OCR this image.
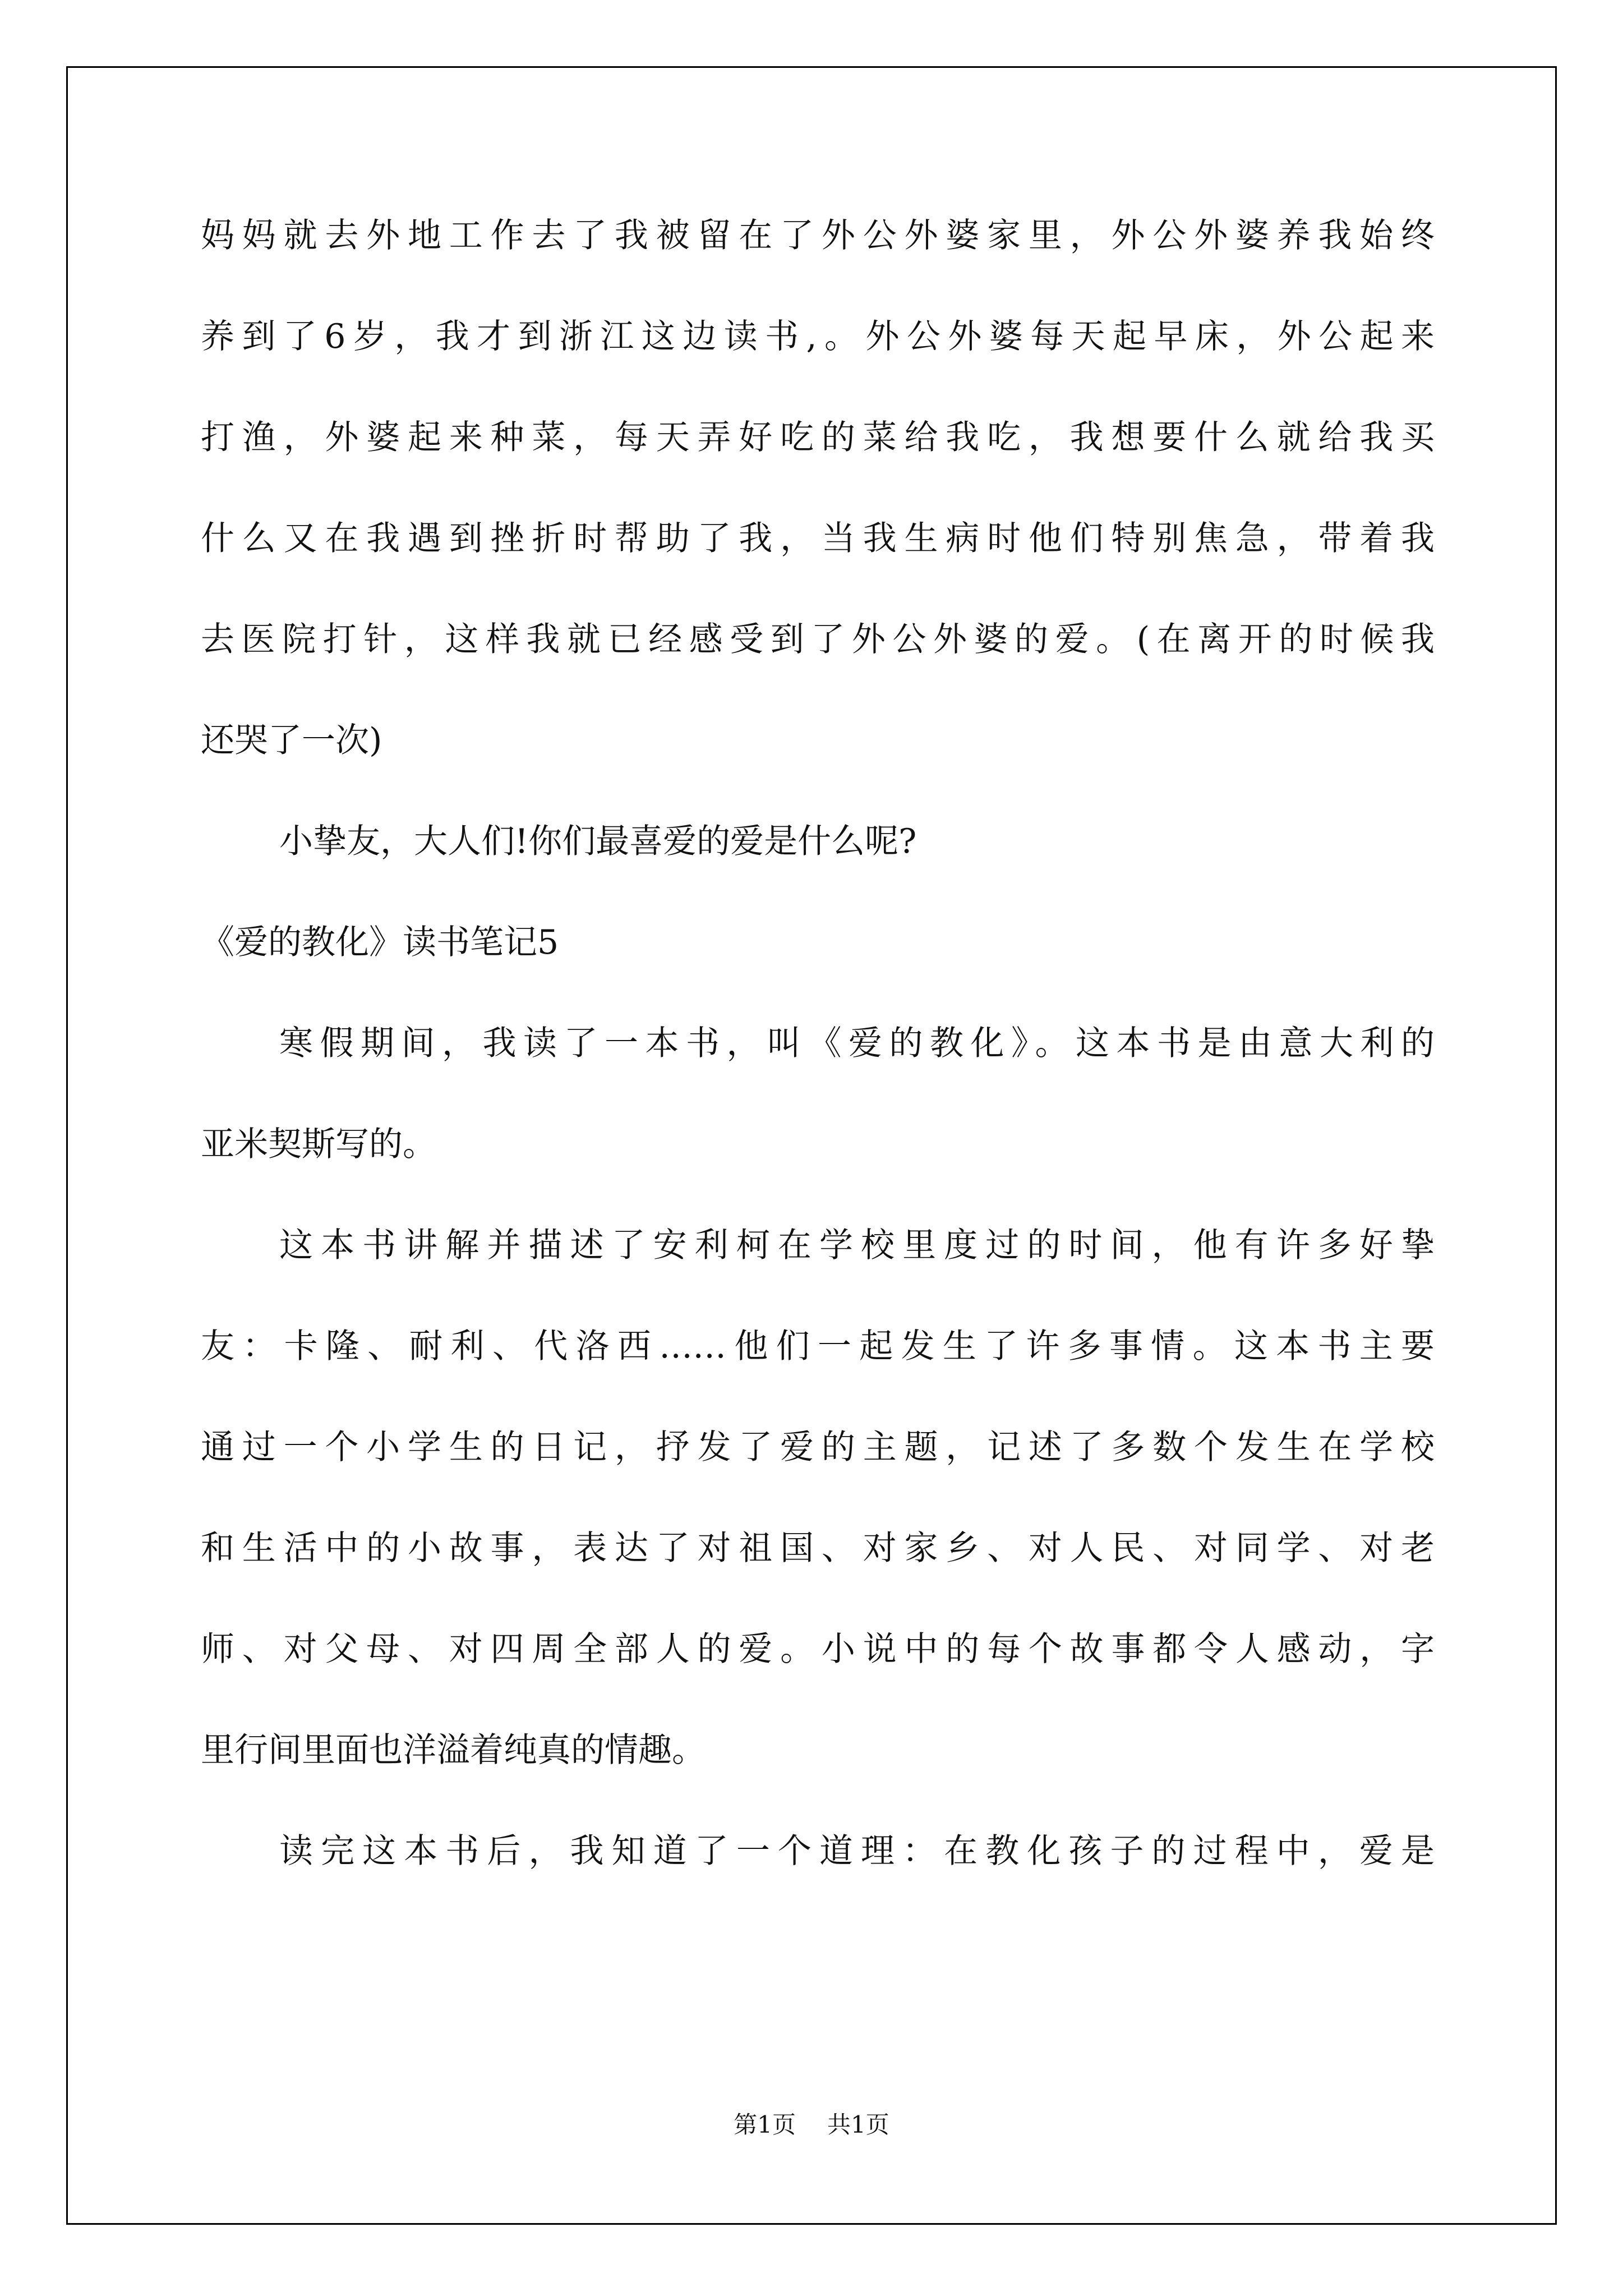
妈妈就去外地工作去了我被留在了外公外婆家里，外公外婆养我始终
养到了6岁，我才到浙江这边读书,。外公外婆每天起早床，外公起来
打渔，外婆起来种菜，每天弄好吃的菜给我吃，我想要什么就给我买
什么又在我遇到挫折时帮助了我，当我生病时他们特别焦急，带着我
去医院打针，这样我就已经感受到了外公外婆的爱。(在离开的时候我
还哭了一次)
小挚友，大人们!你们最喜爱的爱是什么呢?
《爱的教化》读书笔记5
寒假期间，我读了一本书，叫《爱的教化》。这本书是由意大利的
亚米契斯写的。
这本书讲解并描述了安利柯在学校里度过的时间，他有许多好挚
友：卡隆、耐利、代洛西……他们一起发生了许多事情。这本书主要
通过一个小学生的日记，抒发了爱的主题，记述了多数个发生在学校
和生活中的小故事，表达了对祖国、对家乡、对人民、对同学、对老
师、对父母、对四周全部人的爱。小说中的每个故事都令人感动，字
里行间里面也洋溢着纯真的情趣。
读完这本书后，我知道了一个道理：在教化孩子的过程中，爱是
第1页 共1页
